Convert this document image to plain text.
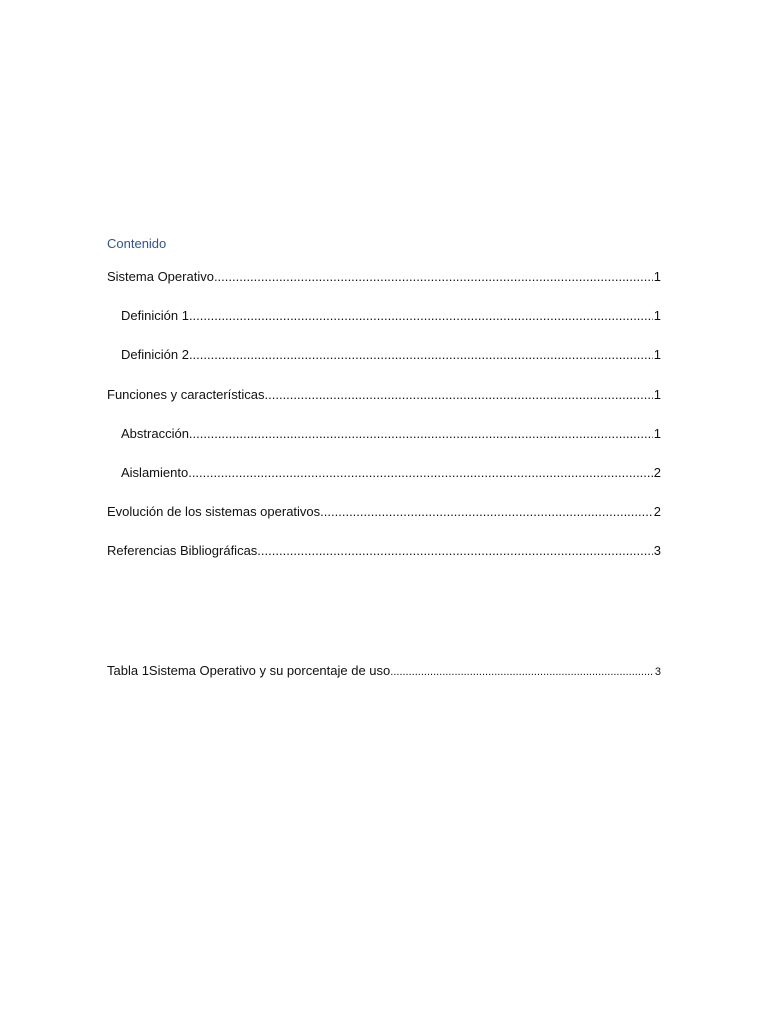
Contenido
Sistema Operativo .....	1
Definición 1 .....	1
Definición 2 .....	1
Funciones y características .....	1
Abstracción .....	1
Aislamiento .....	2
Evolución de los sistemas operativos .....	2
Referencias Bibliográficas .....	3
Tabla 1Sistema Operativo y su porcentaje de uso .....	3
